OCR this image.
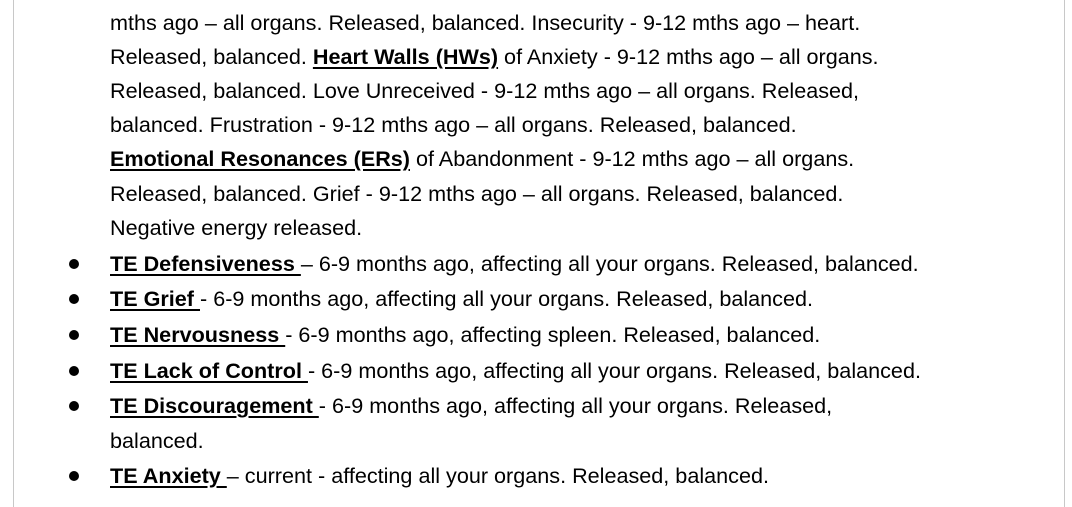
mths ago – all organs. Released, balanced. Insecurity - 9-12 mths ago – heart.
Released, balanced. Heart Walls (HWs) of Anxiety - 9-12 mths ago – all organs.
Released, balanced. Love Unreceived - 9-12 mths ago – all organs. Released,
balanced. Frustration - 9-12 mths ago – all organs. Released, balanced.
Emotional Resonances (ERs) of Abandonment - 9-12 mths ago – all organs.
Released, balanced. Grief - 9-12 mths ago – all organs. Released, balanced.
Negative energy released.
TE Defensiveness – 6-9 months ago, affecting all your organs. Released, balanced.
TE Grief - 6-9 months ago, affecting all your organs. Released, balanced.
TE Nervousness - 6-9 months ago, affecting spleen. Released, balanced.
TE Lack of Control - 6-9 months ago, affecting all your organs. Released, balanced.
TE Discouragement - 6-9 months ago, affecting all your organs. Released,
balanced.
TE Anxiety – current - affecting all your organs. Released, balanced.
